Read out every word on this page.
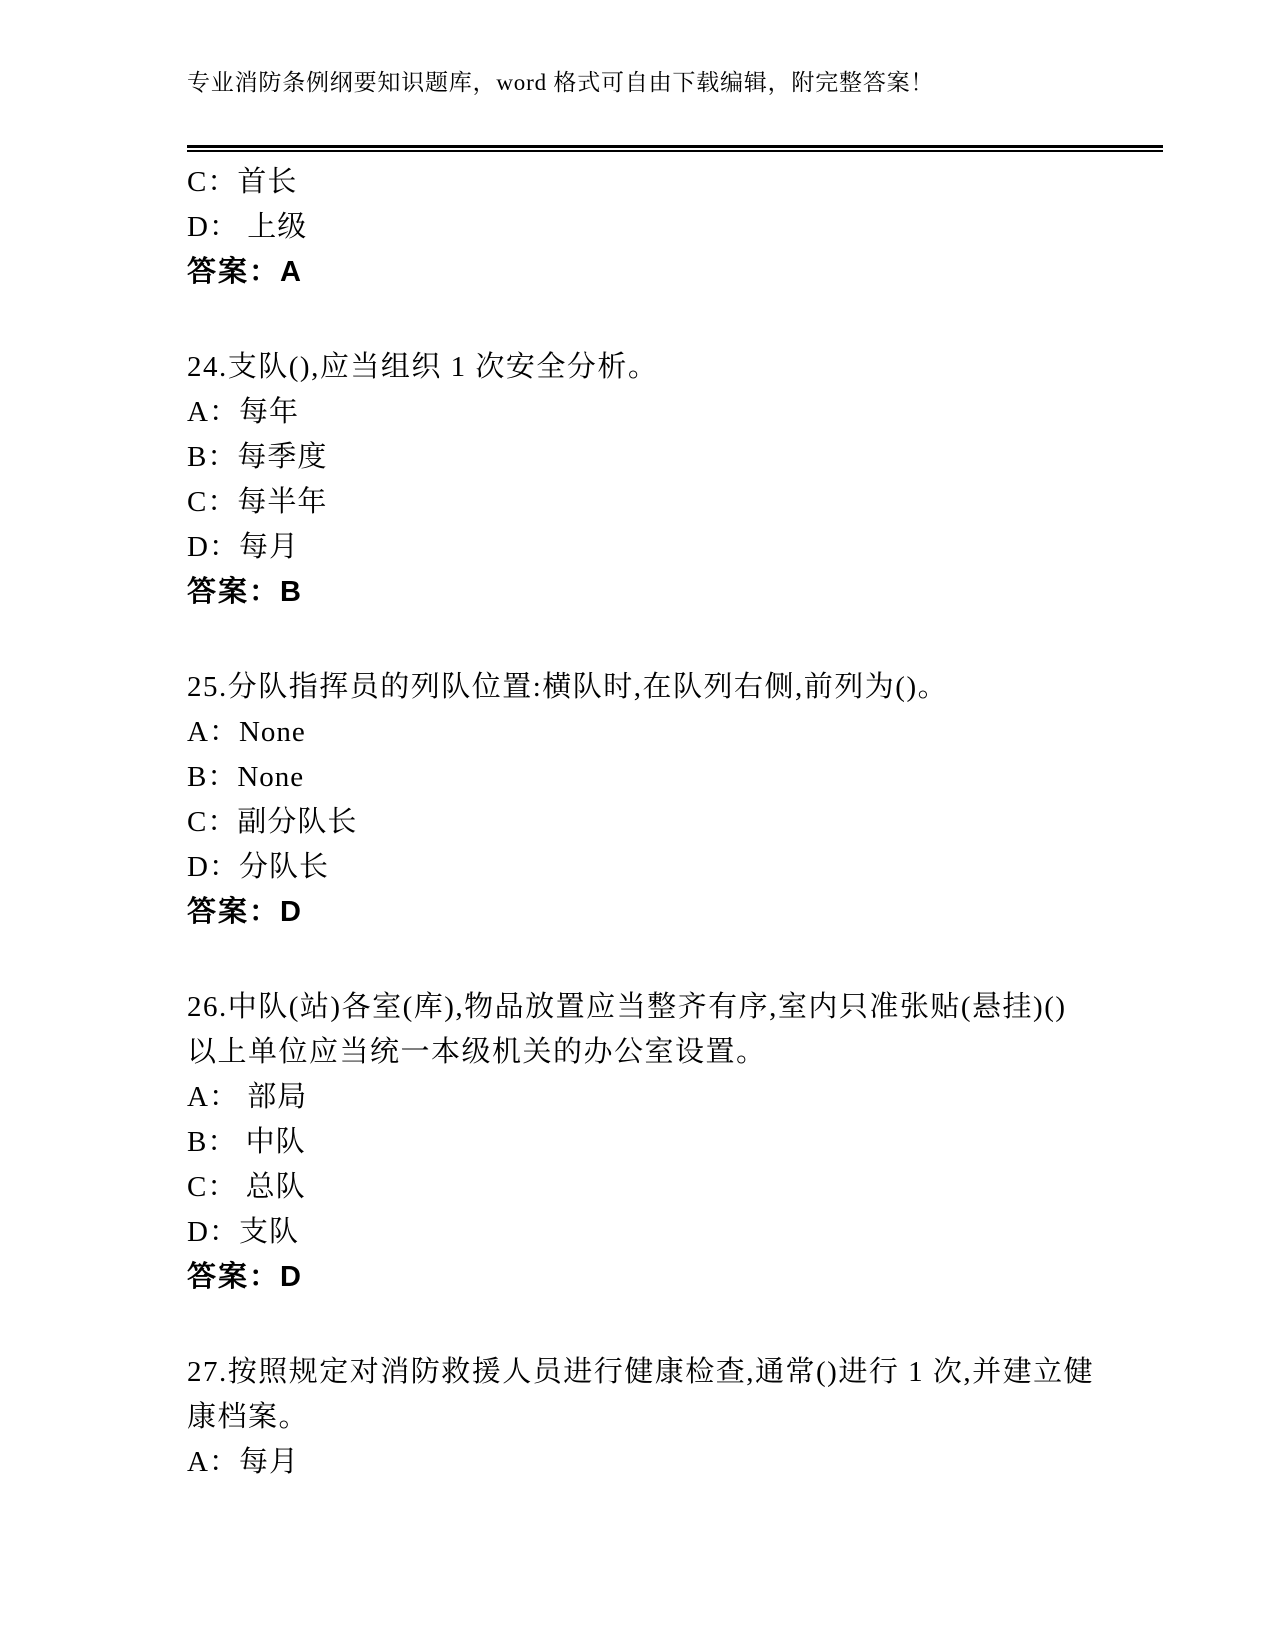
专业消防条例纲要知识题库，word 格式可自由下载编辑，附完整答案！
C：首长
D： 上级
答案：A
24.支队(),应当组织 1 次安全分析。
A：每年
B：每季度
C：每半年
D：每月
答案：B
25.分队指挥员的列队位置:横队时,在队列右侧,前列为()。
A：None
B：None
C：副分队长
D：分队长
答案：D
26.中队(站)各室(库),物品放置应当整齐有序,室内只准张贴(悬挂)()
以上单位应当统一本级机关的办公室设置。
A： 部局
B： 中队
C： 总队
D：支队
答案：D
27.按照规定对消防救援人员进行健康检查,通常()进行 1 次,并建立健
康档案。
A：每月
